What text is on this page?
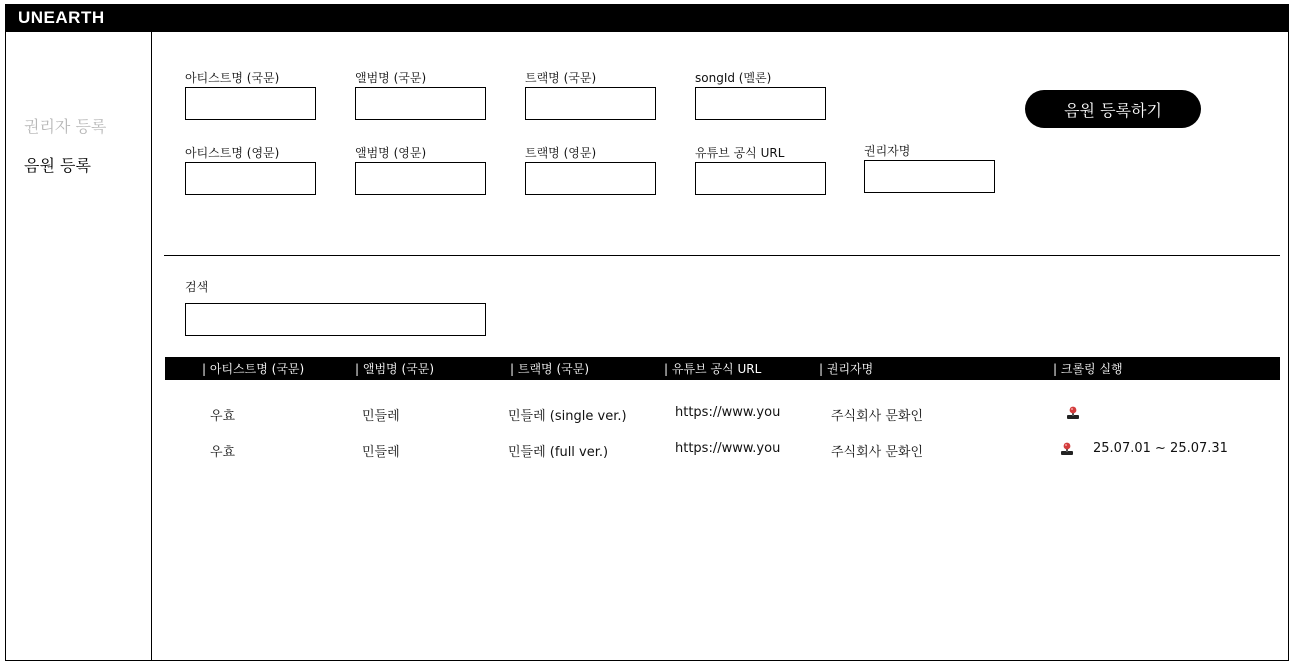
UNEARTH
권리자 등록
음원 등록
아티스트명 (국문)	앨범명 (국문)	트랙명 (국문)	songId (멜론)
음원 등록하기
아티스트명 (영문)	앨범명 (영문)	트랙명 (영문)	유튜브 공식 URL	권리자명
검색
| 아티스트명 (국문)	| 앨범명 (국문)	| 트랙명 (국문)	| 유튜브 공식 URL	| 권리자명	| 크롤링 실행
우효	민들레	민들레 (single ver.)	https://www.you	주식회사 문화인
우효	민들레	민들레 (full ver.)	https://www.you	주식회사 문화인	25.07.01 ~ 25.07.31
